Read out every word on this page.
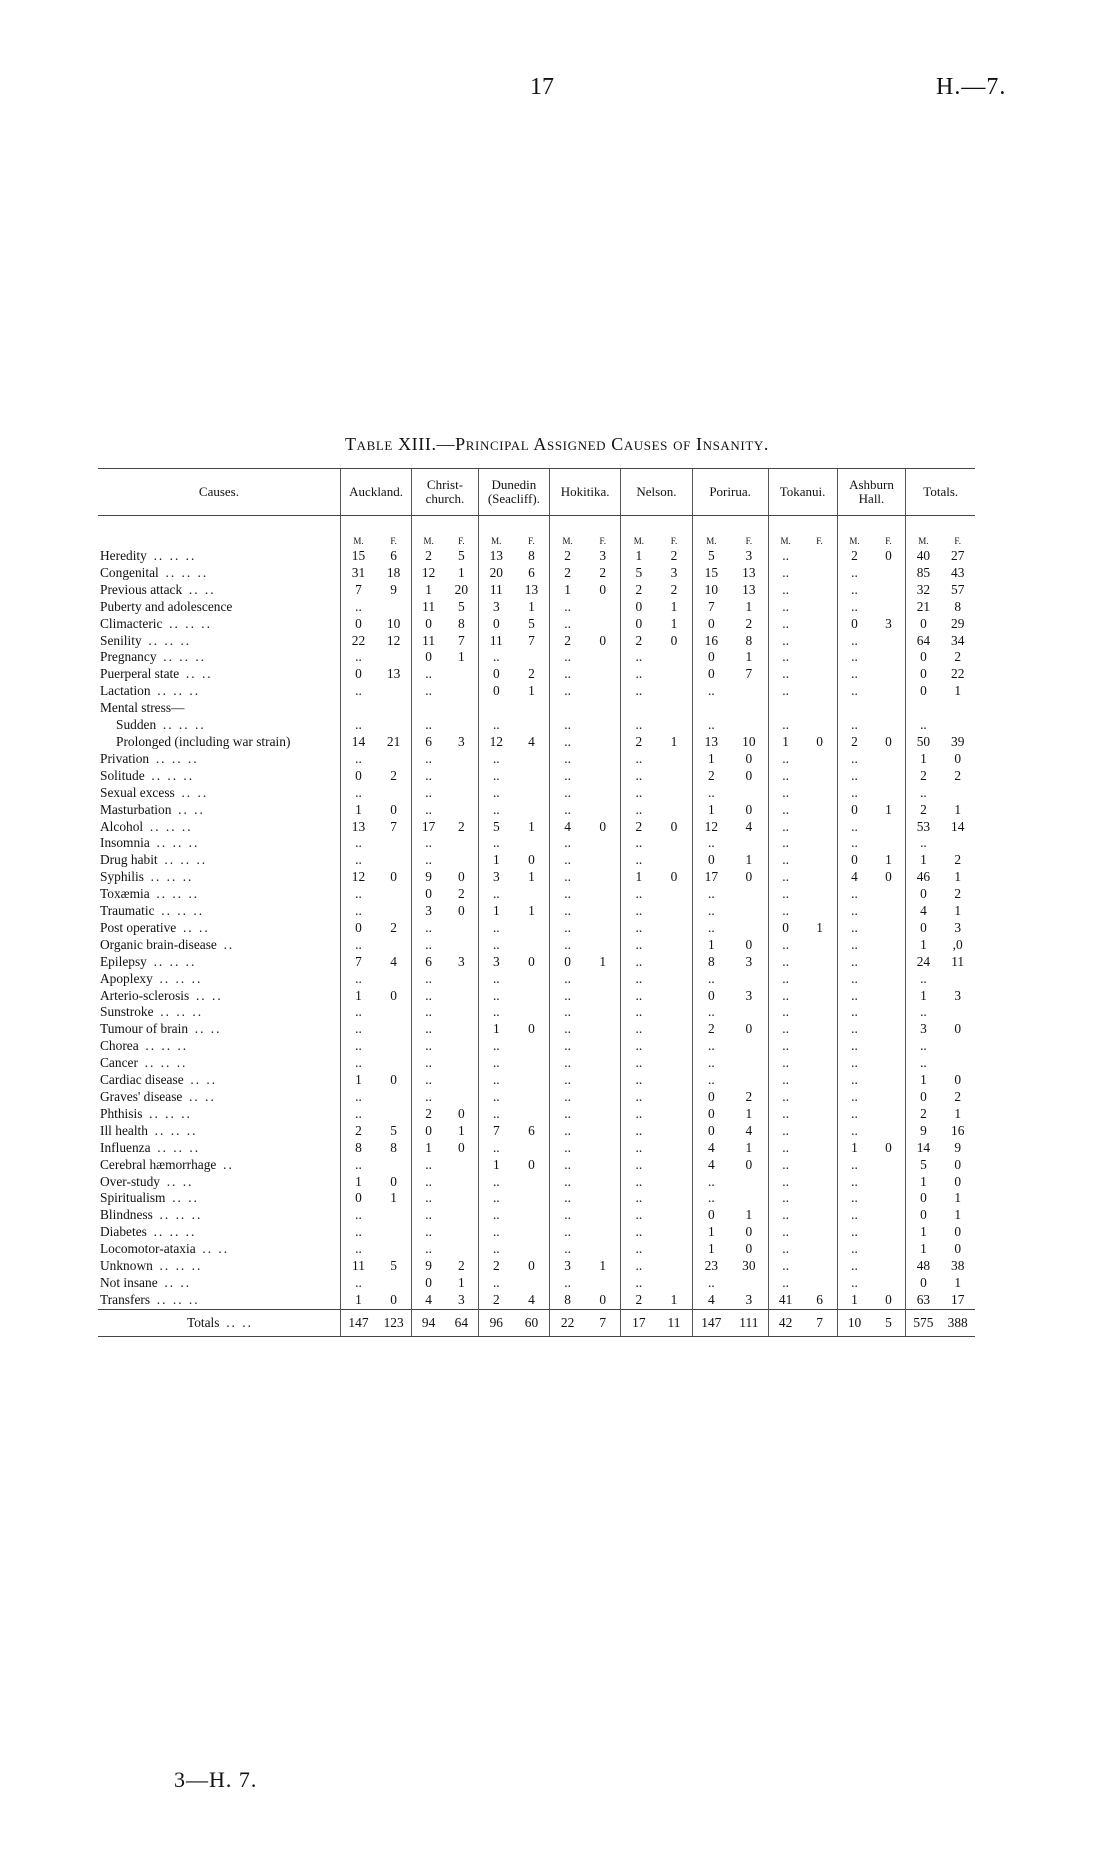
17	H.—7.
Table XIII.—Principal Assigned Causes of Insanity.
Causes.	Auckland.		Christ- church.		Dunedin (Seacliff).		Hokitika.		Nelson.		Porirua.		Tokanui.		Ashburn Hall.		Totals.	

	M.	F.	M.	F.	M.	F.	M.	F.	M.	F.	M.	F.	M.	F.	M.	F.	M.	F.
Heredity .. .. ..	15	6	2	5	13	8	2	3	1	2	5	3	..		2	0	40	27
Congenital .. .. ..	31	18	12	1	20	6	2	2	5	3	15	13	..		..		85	43
Previous attack .. ..	7	9	1	20	11	13	1	0	2	2	10	13	..		..		32	57
Puberty and adolescence	..		11	5	3	1	..		0	1	7	1	..		..		21	8
Climacteric .. .. ..	0	10	0	8	0	5	..		0	1	0	2	..		0	3	0	29
Senility .. .. ..	22	12	11	7	11	7	2	0	2	0	16	8	..		..		64	34
Pregnancy .. .. ..	..		0	1	..		..		..		0	1	..		..		0	2
Puerperal state .. ..	0	13	..		0	2	..		..		0	7	..		..		0	22
Lactation .. .. ..	..		..		0	1	..		..		..		..		..		0	1
Mental stress—																		
Sudden .. .. ..	..		..		..		..		..		..		..		..		..	
Prolonged (including war strain)	14	21	6	3	12	4	..		2	1	13	10	1	0	2	0	50	39
Privation .. .. ..	..		..		..		..		..		1	0	..		..		1	0
Solitude .. .. ..	0	2	..		..		..		..		2	0	..		..		2	2
Sexual excess .. ..	..		..		..		..		..		..		..		..		..	
Masturbation .. ..	1	0	..		..		..		..		1	0	..		0	1	2	1
Alcohol .. .. ..	13	7	17	2	5	1	4	0	2	0	12	4	..		..		53	14
Insomnia .. .. ..	..		..		..		..		..		..		..		..		..	
Drug habit .. .. ..	..		..		1	0	..		..		0	1	..		0	1	1	2
Syphilis .. .. ..	12	0	9	0	3	1	..		1	0	17	0	..		4	0	46	1
Toxæmia .. .. ..	..		0	2	..		..		..		..		..		..		0	2
Traumatic .. .. ..	..		3	0	1	1	..		..		..		..		..		4	1
Post operative .. ..	0	2	..		..		..		..		..		0	1	..		0	3
Organic brain-disease ..	..		..		..		..		..		1	0	..		..		1	,0
Epilepsy .. .. ..	7	4	6	3	3	0	0	1	..		8	3	..		..		24	11
Apoplexy .. .. ..	..		..		..		..		..		..		..		..		..	
Arterio-sclerosis .. ..	1	0	..		..		..		..		0	3	..		..		1	3
Sunstroke .. .. ..	..		..		..		..		..		..		..		..		..	
Tumour of brain .. ..	..		..		1	0	..		..		2	0	..		..		3	0
Chorea .. .. ..	..		..		..		..		..		..		..		..		..	
Cancer .. .. ..	..		..		..		..		..		..		..		..		..	
Cardiac disease .. ..	1	0	..		..		..		..		..		..		..		1	0
Graves' disease .. ..	..		..		..		..		..		0	2	..		..		0	2
Phthisis .. .. ..	..		2	0	..		..		..		0	1	..		..		2	1
Ill health .. .. ..	2	5	0	1	7	6	..		..		0	4	..		..		9	16
Influenza .. .. ..	8	8	1	0	..		..		..		4	1	..		1	0	14	9
Cerebral hæmorrhage ..	..		..		1	0	..		..		4	0	..		..		5	0
Over-study .. ..	1	0	..		..		..		..		..		..		..		1	0
Spiritualism .. ..	0	1	..		..		..		..		..		..		..		0	1
Blindness .. .. ..	..		..		..		..		..		0	1	..		..		0	1
Diabetes .. .. ..	..		..		..		..		..		1	0	..		..		1	0
Locomotor-ataxia .. ..	..		..		..		..		..		1	0	..		..		1	0
Unknown .. .. ..	11	5	9	2	2	0	3	1	..		23	30	..		..		48	38
Not insane .. ..	..		0	1	..		..		..		..		..		..		0	1
Transfers .. .. ..	1	0	4	3	2	4	8	0	2	1	4	3	41	6	1	0	63	17
Totals .. ..	147	123	94	64	96	60	22	7	17	11	147	111	42	7	10	5	575	388
3—H. 7.
